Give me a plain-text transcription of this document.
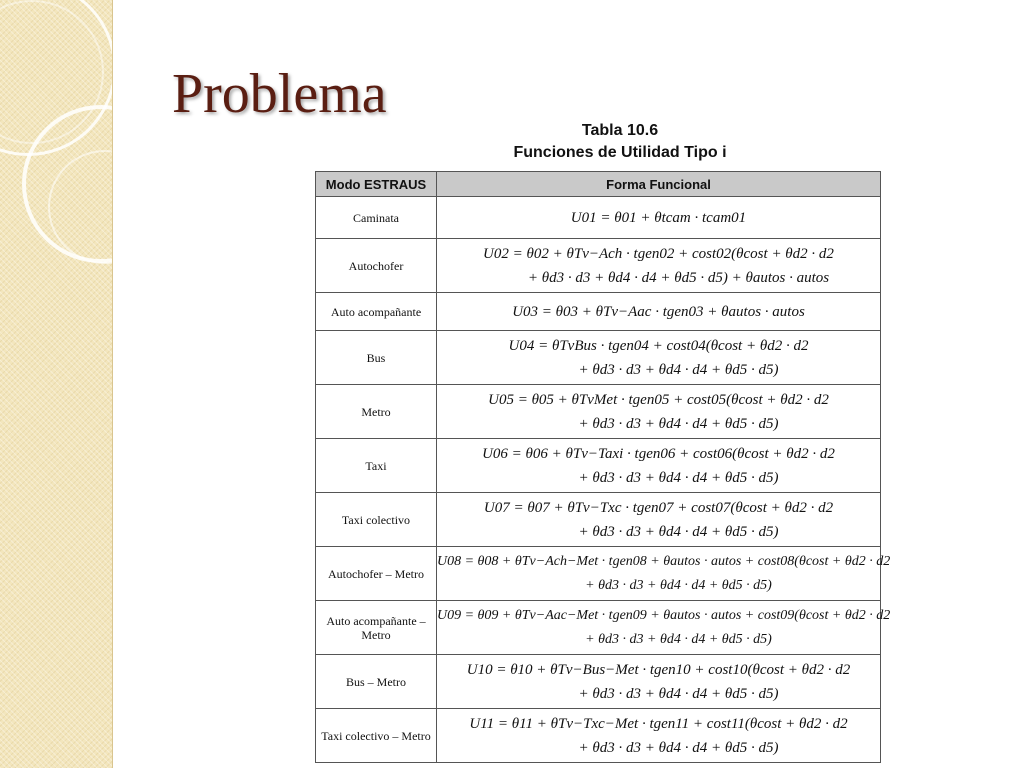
Problema
Tabla 10.6
Funciones de Utilidad Tipo i
Modo ESTRAUS	Forma Funcional
Caminata	U01 = θ01 + θtcam · tcam01

Autochofer	U02 = θ02 + θTv−Ach · tgen02 + cost02(θcost + θd2 · d2
+ θd3 · d3 + θd4 · d4 + θd5 · d5) + θautos · autos

Auto acompañante	U03 = θ03 + θTv−Aac · tgen03 + θautos · autos

Bus	U04 = θTvBus · tgen04 + cost04(θcost + θd2 · d2
+ θd3 · d3 + θd4 · d4 + θd5 · d5)

Metro	U05 = θ05 + θTvMet · tgen05 + cost05(θcost + θd2 · d2
+ θd3 · d3 + θd4 · d4 + θd5 · d5)

Taxi	U06 = θ06 + θTv−Taxi · tgen06 + cost06(θcost + θd2 · d2
+ θd3 · d3 + θd4 · d4 + θd5 · d5)

Taxi colectivo	U07 = θ07 + θTv−Txc · tgen07 + cost07(θcost + θd2 · d2
+ θd3 · d3 + θd4 · d4 + θd5 · d5)

Autochofer – Metro	U08 = θ08 + θTv−Ach−Met · tgen08 + θautos · autos + cost08(θcost + θd2 · d2
+ θd3 · d3 + θd4 · d4 + θd5 · d5)

Auto acompañante – Metro	U09 = θ09 + θTv−Aac−Met · tgen09 + θautos · autos + cost09(θcost + θd2 · d2
+ θd3 · d3 + θd4 · d4 + θd5 · d5)

Bus – Metro	U10 = θ10 + θTv−Bus−Met · tgen10 + cost10(θcost + θd2 · d2
+ θd3 · d3 + θd4 · d4 + θd5 · d5)

Taxi colectivo – Metro	U11 = θ11 + θTv−Txc−Met · tgen11 + cost11(θcost + θd2 · d2
+ θd3 · d3 + θd4 · d4 + θd5 · d5)
